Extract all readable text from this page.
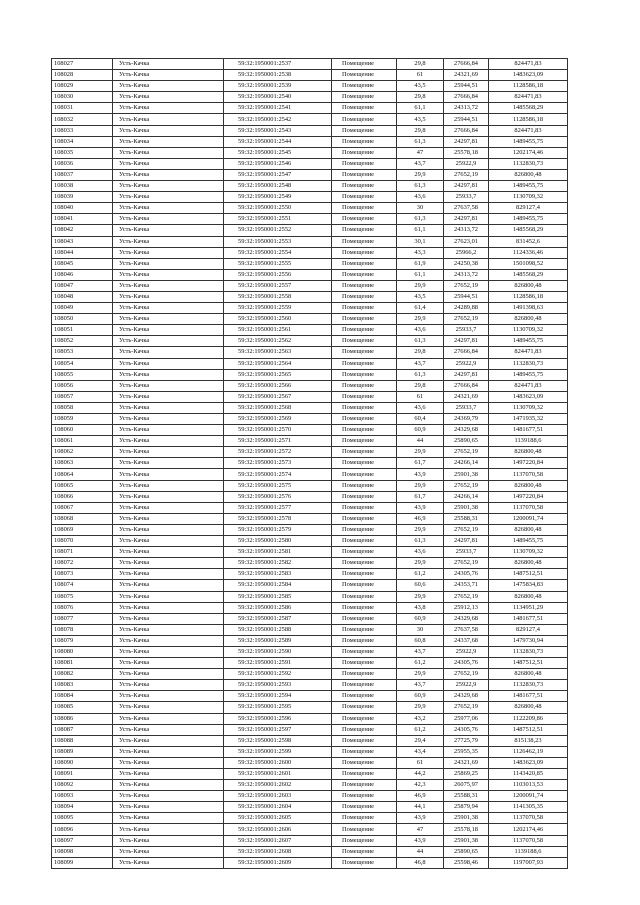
108027	Усть-Качка	59:32:1950001:2537	Помещение	29,8	27666,84	824471,83
108028	Усть-Качка	59:32:1950001:2538	Помещение	61	24321,69	1483623,09
108029	Усть-Качка	59:32:1950001:2539	Помещение	43,5	25944,51	1128586,18
108030	Усть-Качка	59:32:1950001:2540	Помещение	29,8	27666,84	824471,83
108031	Усть-Качка	59:32:1950001:2541	Помещение	61,1	24313,72	1485568,29
108032	Усть-Качка	59:32:1950001:2542	Помещение	43,5	25944,51	1128586,18
108033	Усть-Качка	59:32:1950001:2543	Помещение	29,8	27666,84	824471,83
108034	Усть-Качка	59:32:1950001:2544	Помещение	61,3	24297,81	1489455,75
108035	Усть-Качка	59:32:1950001:2545	Помещение	47	25578,18	1202174,46
108036	Усть-Качка	59:32:1950001:2546	Помещение	43,7	25922,9	1132830,73
108037	Усть-Качка	59:32:1950001:2547	Помещение	29,9	27652,19	826800,48
108038	Усть-Качка	59:32:1950001:2548	Помещение	61,3	24297,81	1489455,75
108039	Усть-Качка	59:32:1950001:2549	Помещение	43,6	25933,7	1130709,32
108040	Усть-Качка	59:32:1950001:2550	Помещение	30	27637,58	829127,4
108041	Усть-Качка	59:32:1950001:2551	Помещение	61,3	24297,81	1489455,75
108042	Усть-Качка	59:32:1950001:2552	Помещение	61,1	24313,72	1485568,29
108043	Усть-Качка	59:32:1950001:2553	Помещение	30,1	27623,01	831452,6
108044	Усть-Качка	59:32:1950001:2554	Помещение	43,3	25966,2	1124336,46
108045	Усть-Качка	59:32:1950001:2555	Помещение	61,9	24250,38	1501098,52
108046	Усть-Качка	59:32:1950001:2556	Помещение	61,1	24313,72	1485568,29
108047	Усть-Качка	59:32:1950001:2557	Помещение	29,9	27652,19	826800,48
108048	Усть-Качка	59:32:1950001:2558	Помещение	43,5	25944,51	1128586,18
108049	Усть-Качка	59:32:1950001:2559	Помещение	61,4	24289,88	1491398,63
108050	Усть-Качка	59:32:1950001:2560	Помещение	29,9	27652,19	826800,48
108051	Усть-Качка	59:32:1950001:2561	Помещение	43,6	25933,7	1130709,32
108052	Усть-Качка	59:32:1950001:2562	Помещение	61,3	24297,81	1489455,75
108053	Усть-Качка	59:32:1950001:2563	Помещение	29,8	27666,84	824471,83
108054	Усть-Качка	59:32:1950001:2564	Помещение	43,7	25922,9	1132830,73
108055	Усть-Качка	59:32:1950001:2565	Помещение	61,3	24297,81	1489455,75
108056	Усть-Качка	59:32:1950001:2566	Помещение	29,8	27666,84	824471,83
108057	Усть-Качка	59:32:1950001:2567	Помещение	61	24321,69	1483623,09
108058	Усть-Качка	59:32:1950001:2568	Помещение	43,6	25933,7	1130709,32
108059	Усть-Качка	59:32:1950001:2569	Помещение	60,4	24369,79	1471935,32
108060	Усть-Качка	59:32:1950001:2570	Помещение	60,9	24329,68	1481677,51
108061	Усть-Качка	59:32:1950001:2571	Помещение	44	25890,65	1139188,6
108062	Усть-Качка	59:32:1950001:2572	Помещение	29,9	27652,19	826800,48
108063	Усть-Качка	59:32:1950001:2573	Помещение	61,7	24266,14	1497220,84
108064	Усть-Качка	59:32:1950001:2574	Помещение	43,9	25901,38	1137070,58
108065	Усть-Качка	59:32:1950001:2575	Помещение	29,9	27652,19	826800,48
108066	Усть-Качка	59:32:1950001:2576	Помещение	61,7	24266,14	1497220,84
108067	Усть-Качка	59:32:1950001:2577	Помещение	43,9	25901,38	1137070,58
108068	Усть-Качка	59:32:1950001:2578	Помещение	46,9	25588,31	1200091,74
108069	Усть-Качка	59:32:1950001:2579	Помещение	29,9	27652,19	826800,48
108070	Усть-Качка	59:32:1950001:2580	Помещение	61,3	24297,81	1489455,75
108071	Усть-Качка	59:32:1950001:2581	Помещение	43,6	25933,7	1130709,32
108072	Усть-Качка	59:32:1950001:2582	Помещение	29,9	27652,19	826800,48
108073	Усть-Качка	59:32:1950001:2583	Помещение	61,2	24305,76	1487512,51
108074	Усть-Качка	59:32:1950001:2584	Помещение	60,6	24353,71	1475834,83
108075	Усть-Качка	59:32:1950001:2585	Помещение	29,9	27652,19	826800,48
108076	Усть-Качка	59:32:1950001:2586	Помещение	43,8	25912,13	1134951,29
108077	Усть-Качка	59:32:1950001:2587	Помещение	60,9	24329,68	1481677,51
108078	Усть-Качка	59:32:1950001:2588	Помещение	30	27637,58	829127,4
108079	Усть-Качка	59:32:1950001:2589	Помещение	60,8	24337,68	1479730,94
108080	Усть-Качка	59:32:1950001:2590	Помещение	43,7	25922,9	1132830,73
108081	Усть-Качка	59:32:1950001:2591	Помещение	61,2	24305,76	1487512,51
108082	Усть-Качка	59:32:1950001:2592	Помещение	29,9	27652,19	826800,48
108083	Усть-Качка	59:32:1950001:2593	Помещение	43,7	25922,9	1132830,73
108084	Усть-Качка	59:32:1950001:2594	Помещение	60,9	24329,68	1481677,51
108085	Усть-Качка	59:32:1950001:2595	Помещение	29,9	27652,19	826800,48
108086	Усть-Качка	59:32:1950001:2596	Помещение	43,2	25977,06	1122209,86
108087	Усть-Качка	59:32:1950001:2597	Помещение	61,2	24305,76	1487512,51
108088	Усть-Качка	59:32:1950001:2598	Помещение	29,4	27725,79	815138,23
108089	Усть-Качка	59:32:1950001:2599	Помещение	43,4	25955,35	1126462,19
108090	Усть-Качка	59:32:1950001:2600	Помещение	61	24321,69	1483623,09
108091	Усть-Качка	59:32:1950001:2601	Помещение	44,2	25869,25	1143420,85
108092	Усть-Качка	59:32:1950001:2602	Помещение	42,3	26075,97	1103013,53
108093	Усть-Качка	59:32:1950001:2603	Помещение	46,9	25588,31	1200091,74
108094	Усть-Качка	59:32:1950001:2604	Помещение	44,1	25879,94	1141305,35
108095	Усть-Качка	59:32:1950001:2605	Помещение	43,9	25901,38	1137070,58
108096	Усть-Качка	59:32:1950001:2606	Помещение	47	25578,18	1202174,46
108097	Усть-Качка	59:32:1950001:2607	Помещение	43,9	25901,38	1137070,58
108098	Усть-Качка	59:32:1950001:2608	Помещение	44	25890,65	1139188,6
108099	Усть-Качка	59:32:1950001:2609	Помещение	46,8	25598,46	1197007,93
